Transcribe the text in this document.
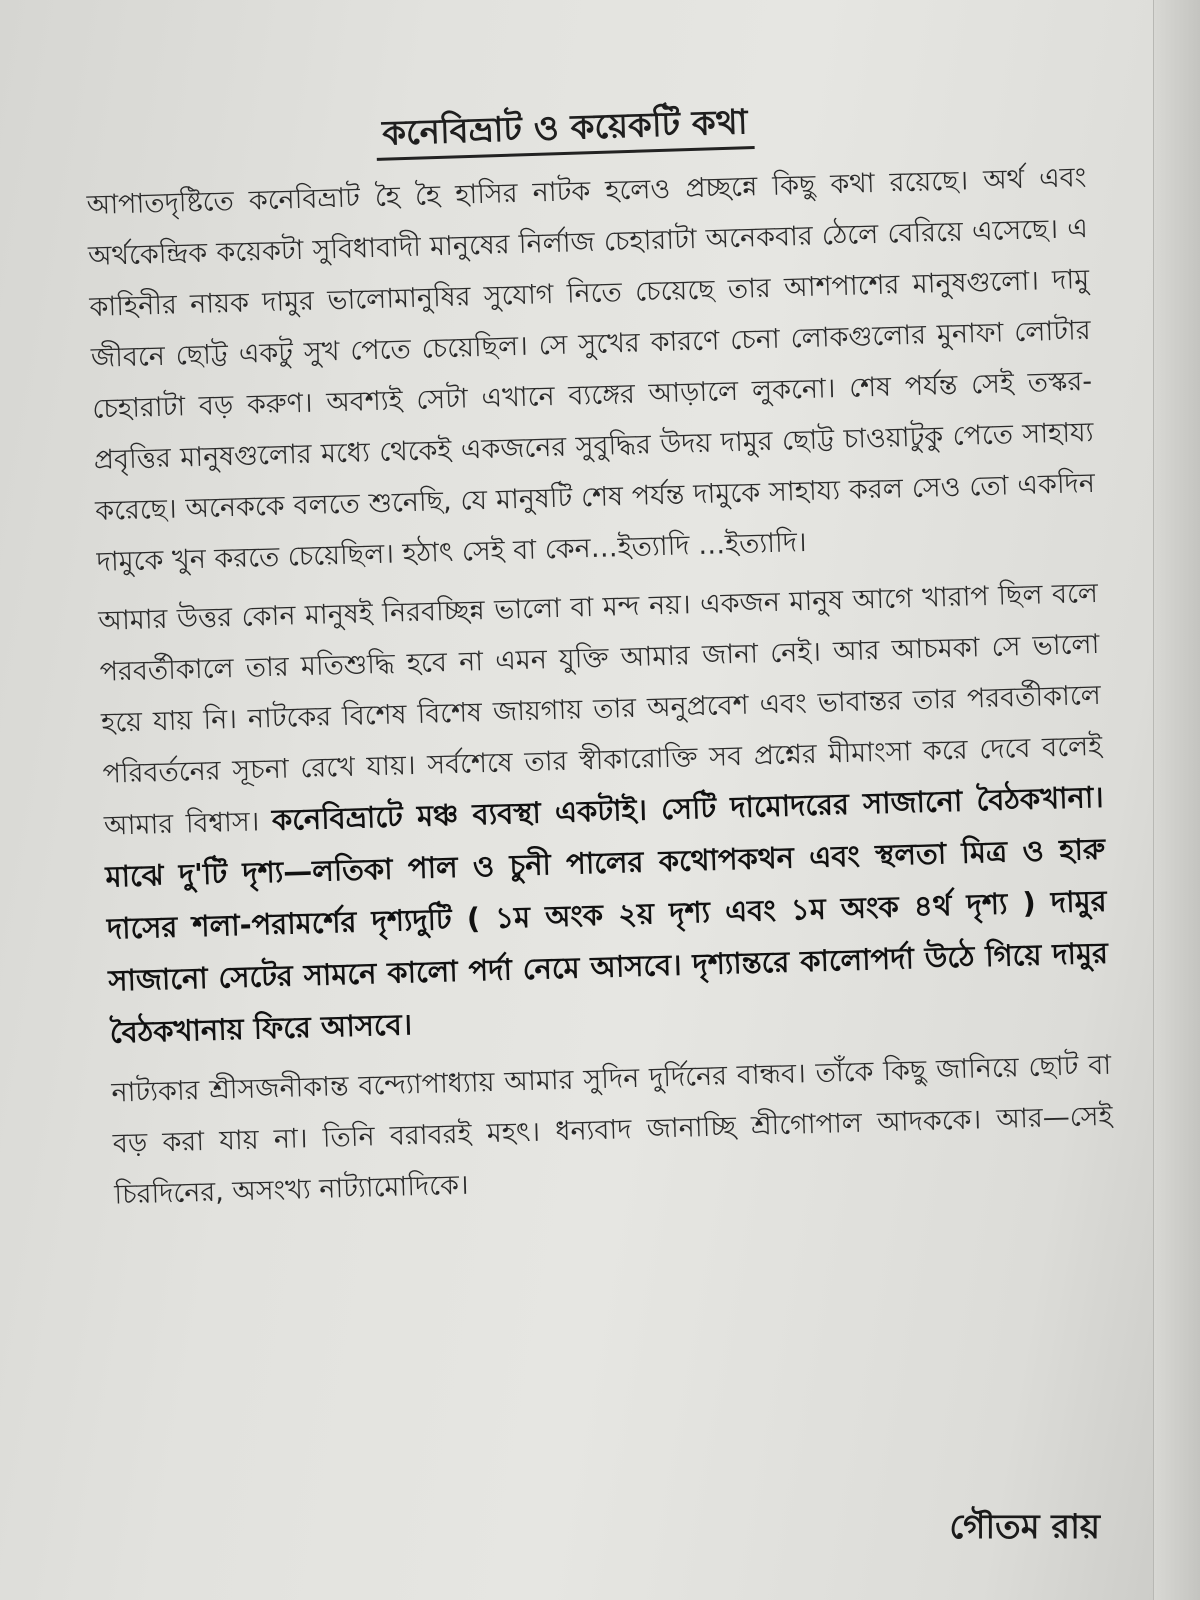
কনেবিভ্রাট ও কয়েকটি কথা

আপাতদৃষ্টিতে কনেবিভ্রাট হৈ হৈ হাসির নাটক হলেও প্রচ্ছন্নে কিছু কথা রয়েছে। অর্থ এবং অর্থকেন্দ্রিক কয়েকটা সুবিধাবাদী মানুষের নির্লাজ চেহারাটা অনেকবার ঠেলে বেরিয়ে এসেছে। এ কাহিনীর নায়ক দামুর ভালোমানুষির সুযোগ নিতে চেয়েছে তার আশপাশের মানুষগুলো। দামু জীবনে ছোট্ট একটু সুখ পেতে চেয়েছিল। সে সুখের কারণে চেনা লোকগুলোর মুনাফা লোটার চেহারাটা বড় করুণ। অবশ্যই সেটা এখানে ব্যঙ্গের আড়ালে লুকনো। শেষ পর্যন্ত সেই তস্কর-প্রবৃত্তির মানুষগুলোর মধ্যে থেকেই একজনের সুবুদ্ধির উদয় দামুর ছোট্ট চাওয়াটুকু পেতে সাহায্য করেছে। অনেককে বলতে শুনেছি, যে মানুষটি শেষ পর্যন্ত দামুকে সাহায্য করল সেও তো একদিন দামুকে খুন করতে চেয়েছিল। হঠাৎ সেই বা কেন…ইত্যাদি …ইত্যাদি।

আমার উত্তর কোন মানুষই নিরবচ্ছিন্ন ভালো বা মন্দ নয়। একজন মানুষ আগে খারাপ ছিল বলে পরবর্তীকালে তার মতিশুদ্ধি হবে না এমন যুক্তি আমার জানা নেই। আর আচমকা সে ভালো হয়ে যায় নি। নাটকের বিশেষ বিশেষ জায়গায় তার অনুপ্রবেশ এবং ভাবান্তর তার পরবর্তীকালে পরিবর্তনের সূচনা রেখে যায়। সর্বশেষে তার স্বীকারোক্তি সব প্রশ্নের মীমাংসা করে দেবে বলেই আমার বিশ্বাস। কনেবিভ্রাটে মঞ্চ ব্যবস্থা একটাই। সেটি দামোদরের সাজানো বৈঠকখানা। মাঝে দু'টি দৃশ্য—লতিকা পাল ও চুনী পালের কথোপকথন এবং স্থলতা মিত্র ও হারু দাসের শলা-পরামর্শের দৃশ্যদুটি ( ১ম অংক ২য় দৃশ্য এবং ১ম অংক ৪র্থ দৃশ্য ) দামুর সাজানো সেটের সামনে কালো পর্দা নেমে আসবে। দৃশ্যান্তরে কালোপর্দা উঠে গিয়ে দামুর বৈঠকখানায় ফিরে আসবে।

নাট্যকার শ্রীসজনীকান্ত বন্দ্যোপাধ্যায় আমার সুদিন দুর্দিনের বান্ধব। তাঁকে কিছু জানিয়ে ছোট বা বড় করা যায় না। তিনি বরাবরই মহৎ। ধন্যবাদ জানাচ্ছি শ্রীগোপাল আদককে। আর—সেই চিরদিনের, অসংখ্য নাট্যামোদিকে।

গৌতম রায়
